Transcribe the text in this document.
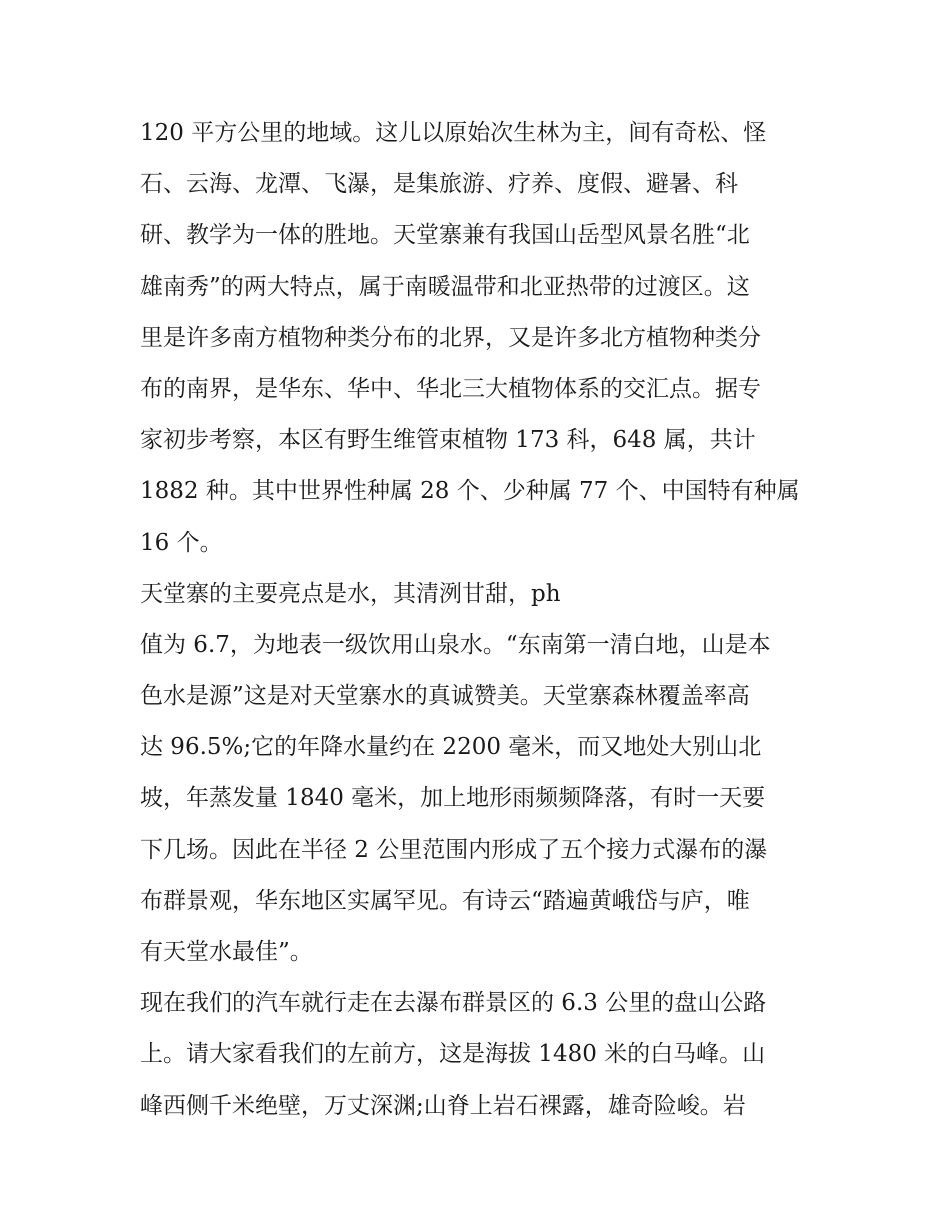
120 平方公里的地域。这儿以原始次生林为主，间有奇松、怪
石、云海、龙潭、飞瀑，是集旅游、疗养、度假、避暑、科
研、教学为一体的胜地。天堂寨兼有我国山岳型风景名胜“北
雄南秀”的两大特点，属于南暖温带和北亚热带的过渡区。这
里是许多南方植物种类分布的北界，又是许多北方植物种类分
布的南界，是华东、华中、华北三大植物体系的交汇点。据专
家初步考察，本区有野生维管束植物 173 科，648 属，共计
1882 种。其中世界性种属 28 个、少种属 77 个、中国特有种属
16 个。
天堂寨的主要亮点是水，其清洌甘甜，ph
值为 6.7，为地表一级饮用山泉水。“东南第一清白地，山是本
色水是源”这是对天堂寨水的真诚赞美。天堂寨森林覆盖率高
达 96.5%;它的年降水量约在 2200 毫米，而又地处大别山北
坡，年蒸发量 1840 毫米，加上地形雨频频降落，有时一天要
下几场。因此在半径 2 公里范围内形成了五个接力式瀑布的瀑
布群景观，华东地区实属罕见。有诗云“踏遍黄峨岱与庐，唯
有天堂水最佳”。
现在我们的汽车就行走在去瀑布群景区的 6.3 公里的盘山公路
上。请大家看我们的左前方，这是海拔 1480 米的白马峰。山
峰西侧千米绝壁，万丈深渊;山脊上岩石裸露，雄奇险峻。岩
